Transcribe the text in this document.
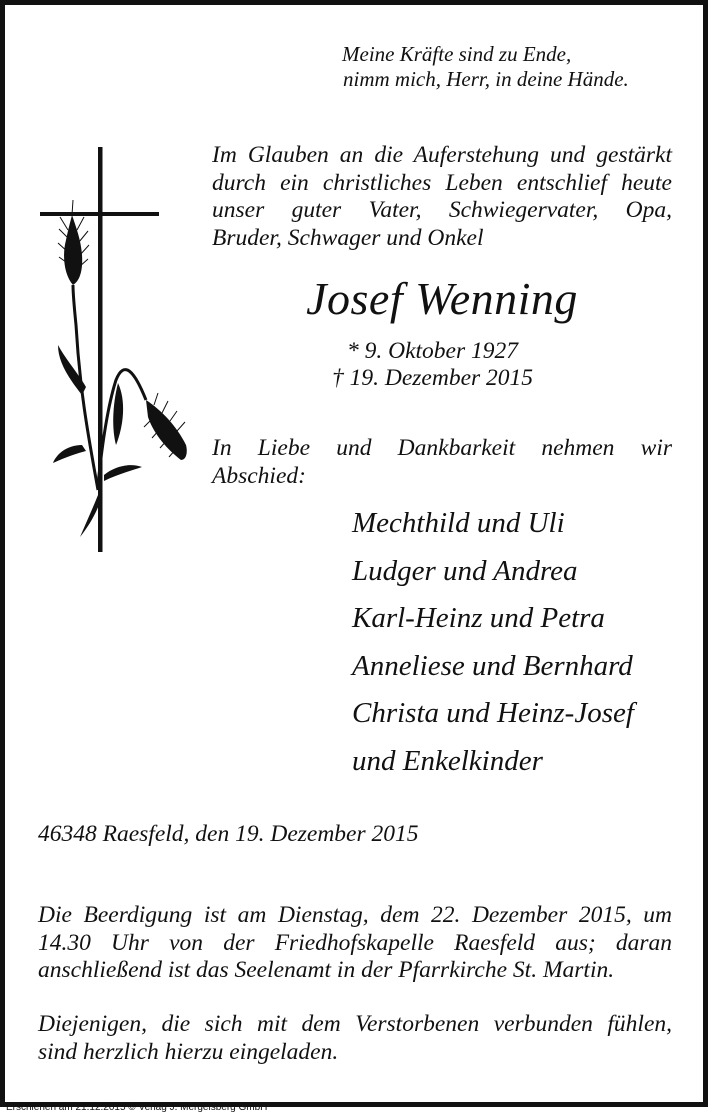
Meine Kräfte sind zu Ende,
nimm mich, Herr, in deine Hände.
Im Glauben an die Auferstehung und gestärkt
durch ein christliches Leben entschlief heute
unser guter Vater, Schwiegervater, Opa,
Bruder, Schwager und Onkel
Josef Wenning
* 9. Oktober 1927
† 19. Dezember 2015
In Liebe und Dankbarkeit nehmen wir
Abschied:
Mechthild und Uli
Ludger und Andrea
Karl-Heinz und Petra
Anneliese und Bernhard
Christa und Heinz-Josef
und Enkelkinder
46348 Raesfeld, den 19. Dezember 2015
Die Beerdigung ist am Dienstag, dem 22. Dezember 2015, um
14.30 Uhr von der Friedhofskapelle Raesfeld aus; daran
anschließend ist das Seelenamt in der Pfarrkirche St. Martin.
Diejenigen, die sich mit dem Verstorbenen verbunden fühlen,
sind herzlich hierzu eingeladen.
Erschienen am 21.12.2015 © Verlag J. Mergelsberg GmbH
